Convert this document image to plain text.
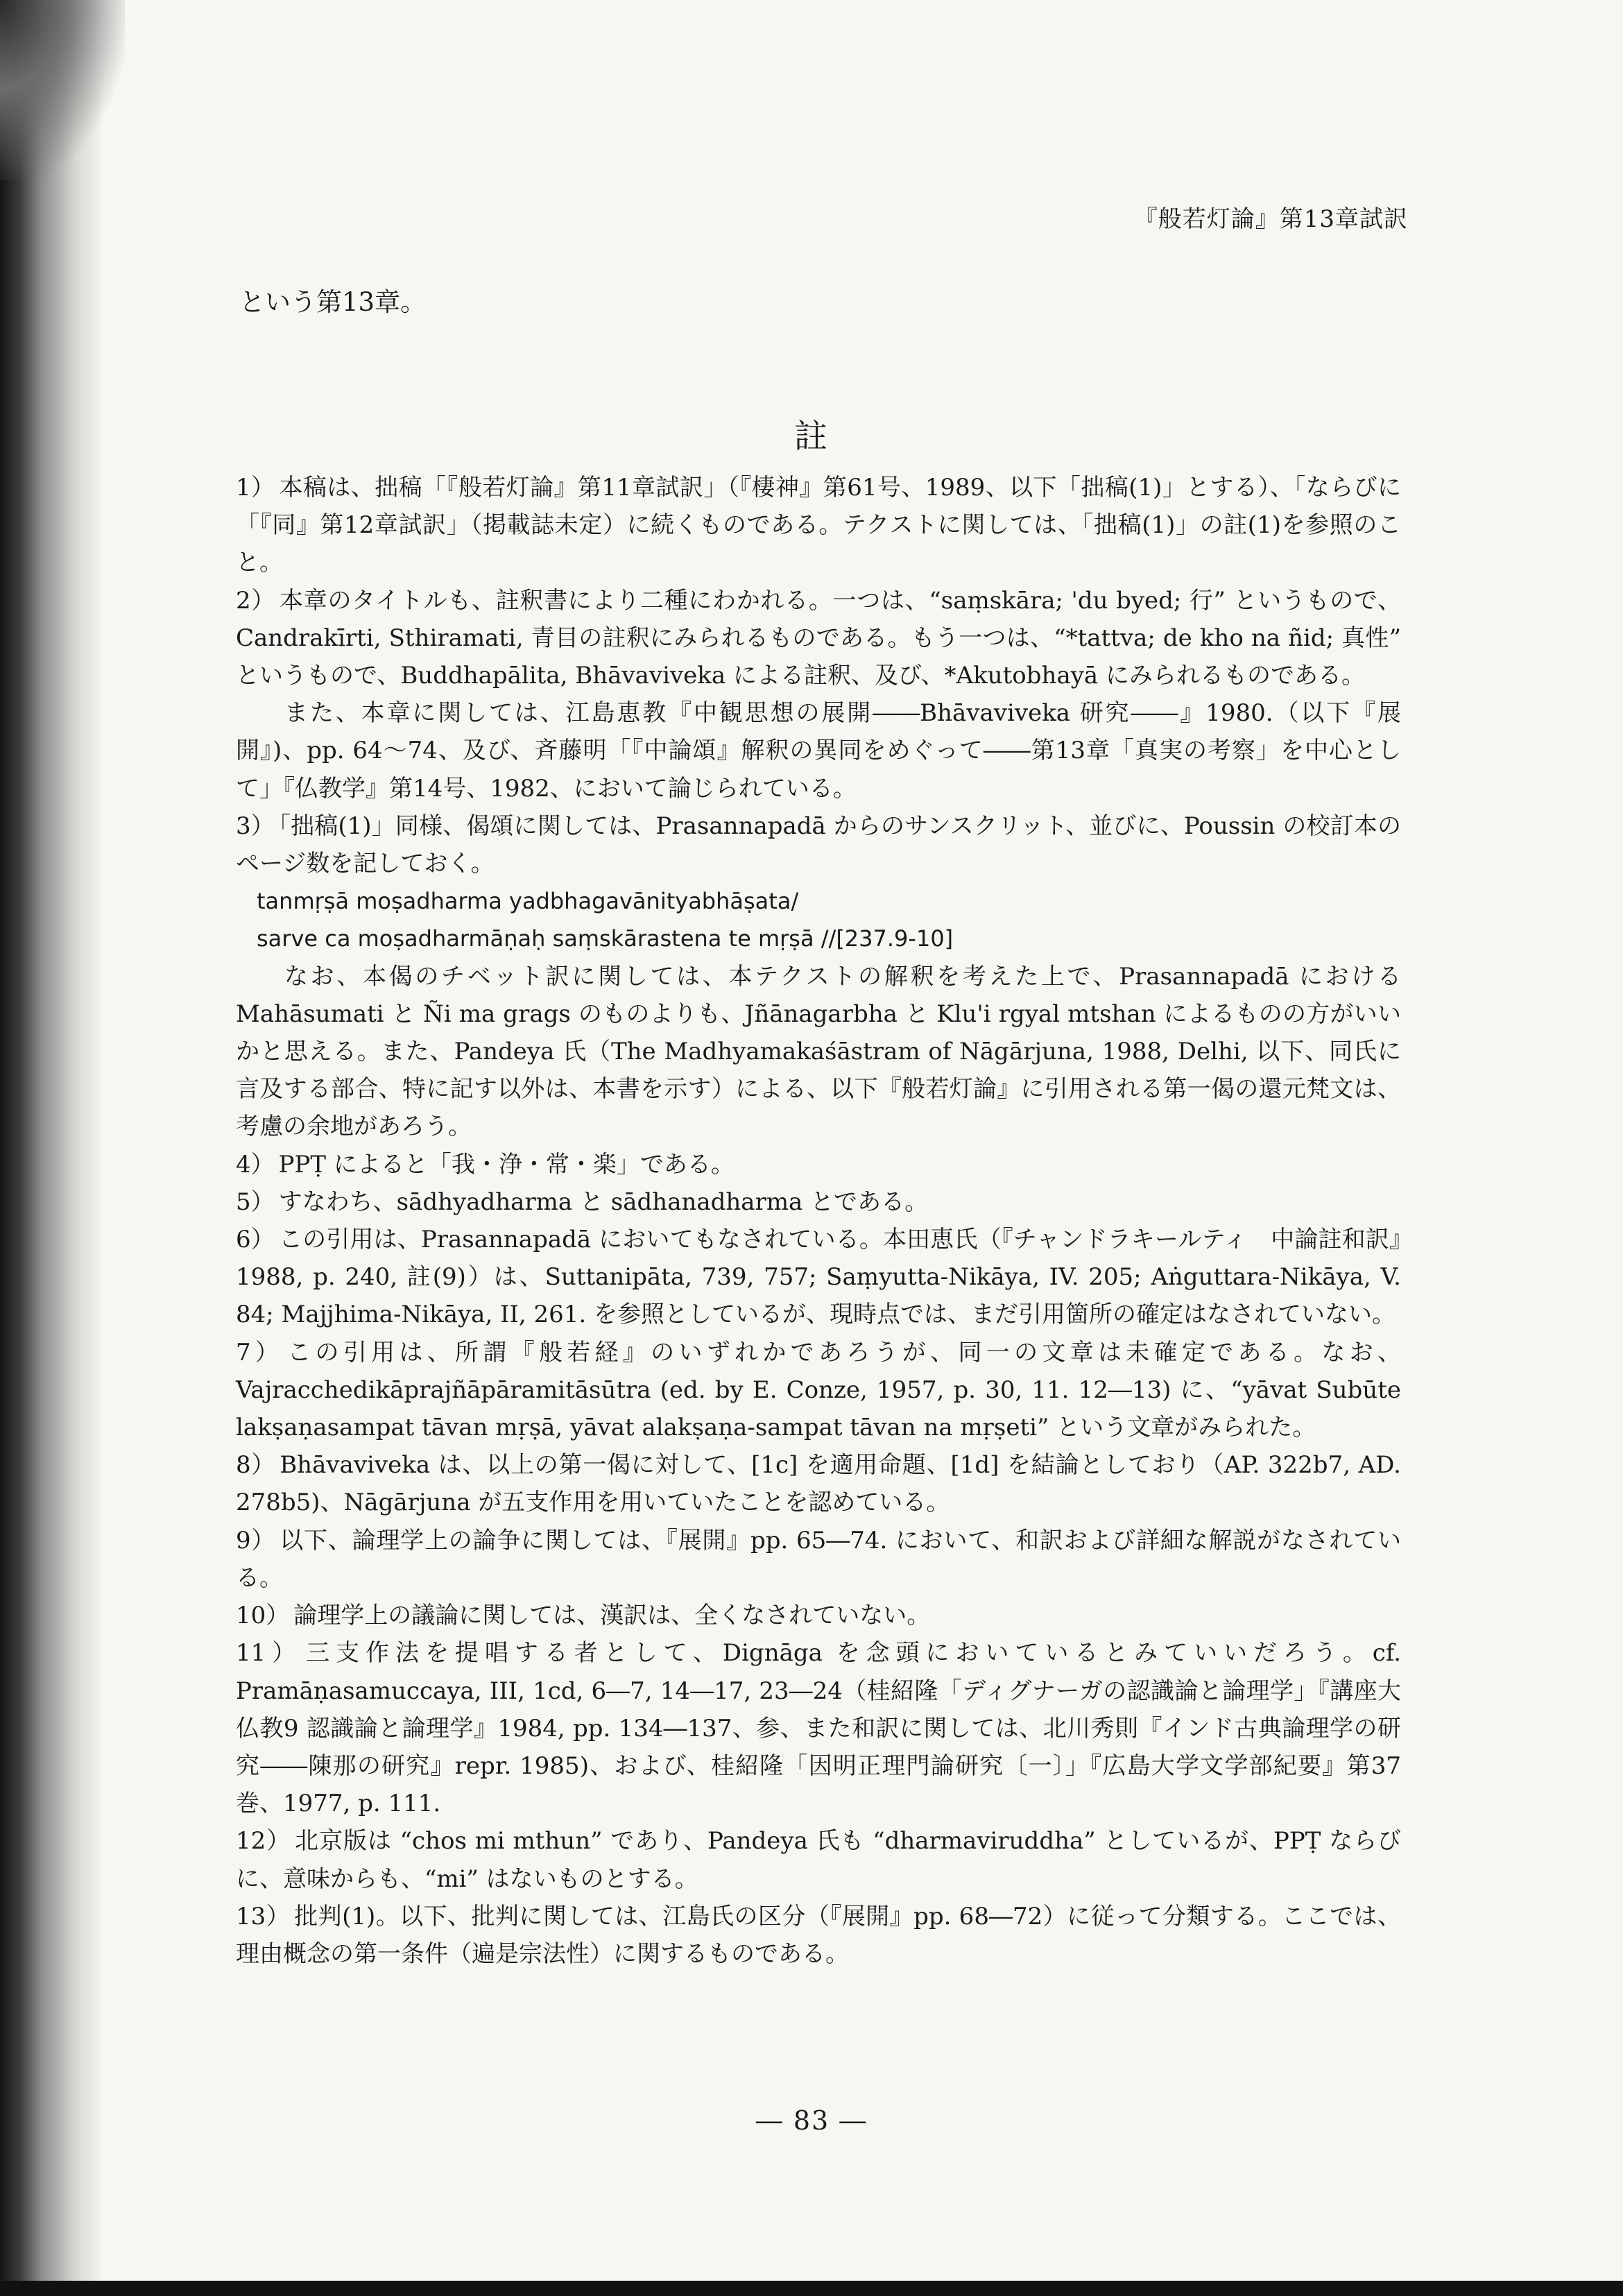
『般若灯論』第13章試訳
という第13章。
註

1） 本稿は、拙稿「『般若灯論』第11章試訳」（『棲神』第61号、1989、以下「拙稿(1)」とする）、「ならびに「『同』第12章試訳」（掲載誌未定）に続くものである。テクストに関しては、「拙稿(1)」の註(1)を参照のこと。

2） 本章のタイトルも、註釈書により二種にわかれる。一つは、“saṃskāra; 'du byed; 行” というもので、Candrakīrti, Sthiramati, 青目の註釈にみられるものである。もう一つは、“*tattva; de kho na ñid; 真性” というもので、Buddhapālita, Bhāvaviveka による註釈、及び、*Akutobhayā にみられるものである。

また、本章に関しては、江島恵教『中観思想の展開――Bhāvaviveka 研究――』1980.（以下『展開』)、pp. 64〜74、及び、斉藤明「『中論頌』解釈の異同をめぐって――第13章「真実の考察」を中心として」『仏教学』第14号、1982、において論じられている。

3） 「拙稿(1)」同様、偈頌に関しては、Prasannapadā からのサンスクリット、並びに、Poussin の校訂本のページ数を記しておく。

tanmṛṣā moṣadharma yadbhagavānityabhāṣata/

sarve ca moṣadharmāṇaḥ saṃskārastena te mṛṣā //[237.9-10]

なお、本偈のチベット訳に関しては、本テクストの解釈を考えた上で、Prasannapadā における Mahāsumati と Ñi ma grags のものよりも、Jñānagarbha と Klu'i rgyal mtshan によるものの方がいいかと思える。また、Pandeya 氏（The Madhyamakaśāstram of Nāgārjuna, 1988, Delhi, 以下、同氏に言及する部合、特に記す以外は、本書を示す）による、以下『般若灯論』に引用される第一偈の還元梵文は、考慮の余地があろう。

4） PPṬ によると「我・浄・常・楽」である。

5） すなわち、sādhyadharma と sādhanadharma とである。

6） この引用は、Prasannapadā においてもなされている。本田恵氏（『チャンドラキールティ　中論註和訳』1988, p. 240, 註(9)）は、Suttanipāta, 739, 757; Saṃyutta-Nikāya, IV. 205; Aṅguttara-Nikāya, V. 84; Majjhima-Nikāya, II, 261. を参照としているが、現時点では、まだ引用箇所の確定はなされていない。

7） この引用は、所謂『般若経』のいずれかであろうが、同一の文章は未確定である。なお、Vajracchedikāprajñāpāramitāsūtra (ed. by E. Conze, 1957, p. 30, 11. 12―13) に、“yāvat Subūte lakṣaṇasampat tāvan mṛṣā, yāvat alakṣaṇa-sampat tāvan na mṛṣeti” という文章がみられた。

8） Bhāvaviveka は、以上の第一偈に対して、[1c] を適用命題、[1d] を結論としており（AP. 322b7, AD. 278b5)、Nāgārjuna が五支作用を用いていたことを認めている。

9） 以下、論理学上の論争に関しては、『展開』pp. 65―74. において、和訳および詳細な解説がなされている。

10） 論理学上の議論に関しては、漢訳は、全くなされていない。

11） 三支作法を提唱する者として、Dignāga を念頭においているとみていいだろう。cf. Pramāṇasamuccaya, III, 1cd, 6―7, 14―17, 23―24（桂紹隆「ディグナーガの認識論と論理学」『講座大仏教9 認識論と論理学』1984, pp. 134―137、参、また和訳に関しては、北川秀則『インド古典論理学の研究――陳那の研究』repr. 1985)、および、桂紹隆「因明正理門論研究〔一〕」『広島大学文学部紀要』第37巻、1977, p. 111.

12） 北京版は “chos mi mthun” であり、Pandeya 氏も “dharmaviruddha” としているが、PPṬ ならびに、意味からも、“mi” はないものとする。

13） 批判(1)。以下、批判に関しては、江島氏の区分（『展開』pp. 68―72）に従って分類する。ここでは、理由概念の第一条件（遍是宗法性）に関するものである。

― 83 ―
